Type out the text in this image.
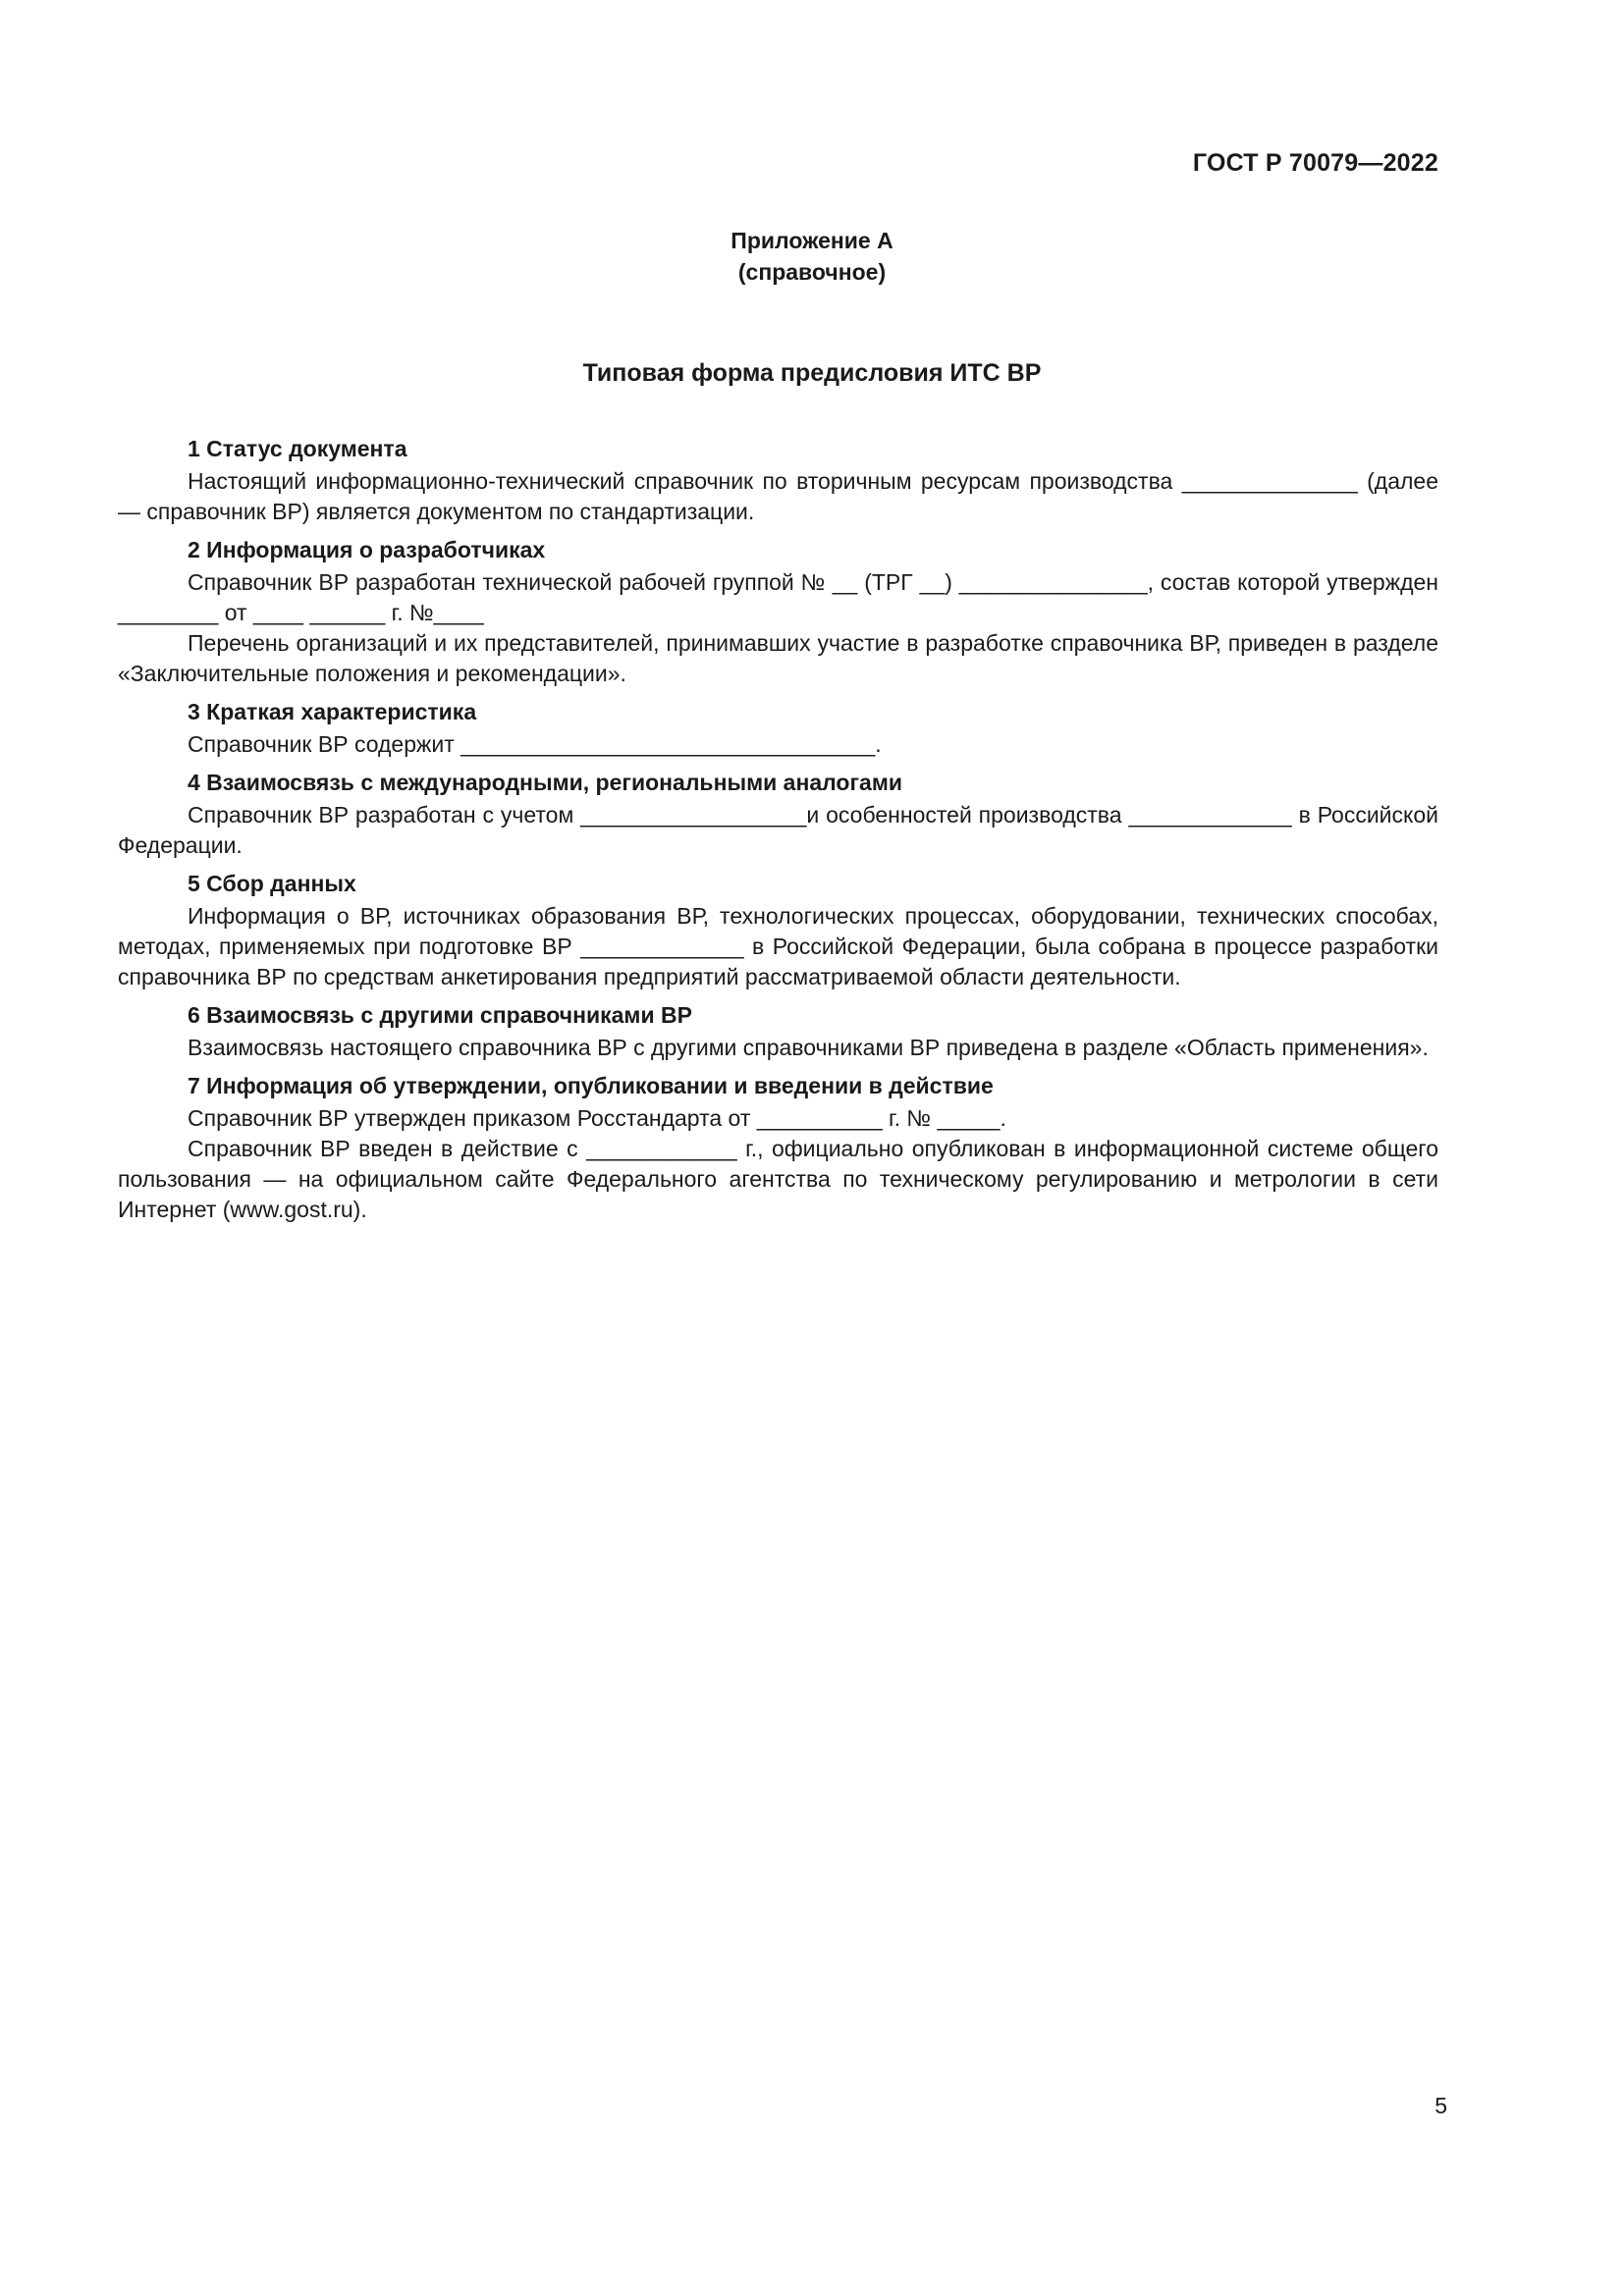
ГОСТ Р 70079—2022
Приложение А
(справочное)
Типовая форма предисловия ИТС ВР
1 Статус документа

Настоящий информационно-технический справочник по вторичным ресурсам производства ______________ (далее — справочник ВР) является документом по стандартизации.

2 Информация о разработчиках

Справочник ВР разработан технической рабочей группой № __ (ТРГ __) _______________, состав которой утвержден ________ от ____ ______ г. №____

Перечень организаций и их представителей, принимавших участие в разработке справочника ВР, приведен в разделе «Заключительные положения и рекомендации».

3 Краткая характеристика

Справочник ВР содержит _________________________________.

4 Взаимосвязь с международными, региональными аналогами

Справочник ВР разработан с учетом __________________и особенностей производства _____________ в Российской Федерации.

5 Сбор данных

Информация о ВР, источниках образования ВР, технологических процессах, оборудовании, технических способах, методах, применяемых при подготовке ВР _____________ в Российской Федерации, была собрана в процессе разработки справочника ВР по средствам анкетирования предприятий рассматриваемой области деятельности.

6 Взаимосвязь с другими справочниками ВР

Взаимосвязь настоящего справочника ВР с другими справочниками ВР приведена в разделе «Область применения».

7 Информация об утверждении, опубликовании и введении в действие

Справочник ВР утвержден приказом Росстандарта от __________ г. № _____.

Справочник ВР введен в действие с ____________ г., официально опубликован в информационной системе общего пользования — на официальном сайте Федерального агентства по техническому регулированию и метрологии в сети Интернет (www.gost.ru).

5
